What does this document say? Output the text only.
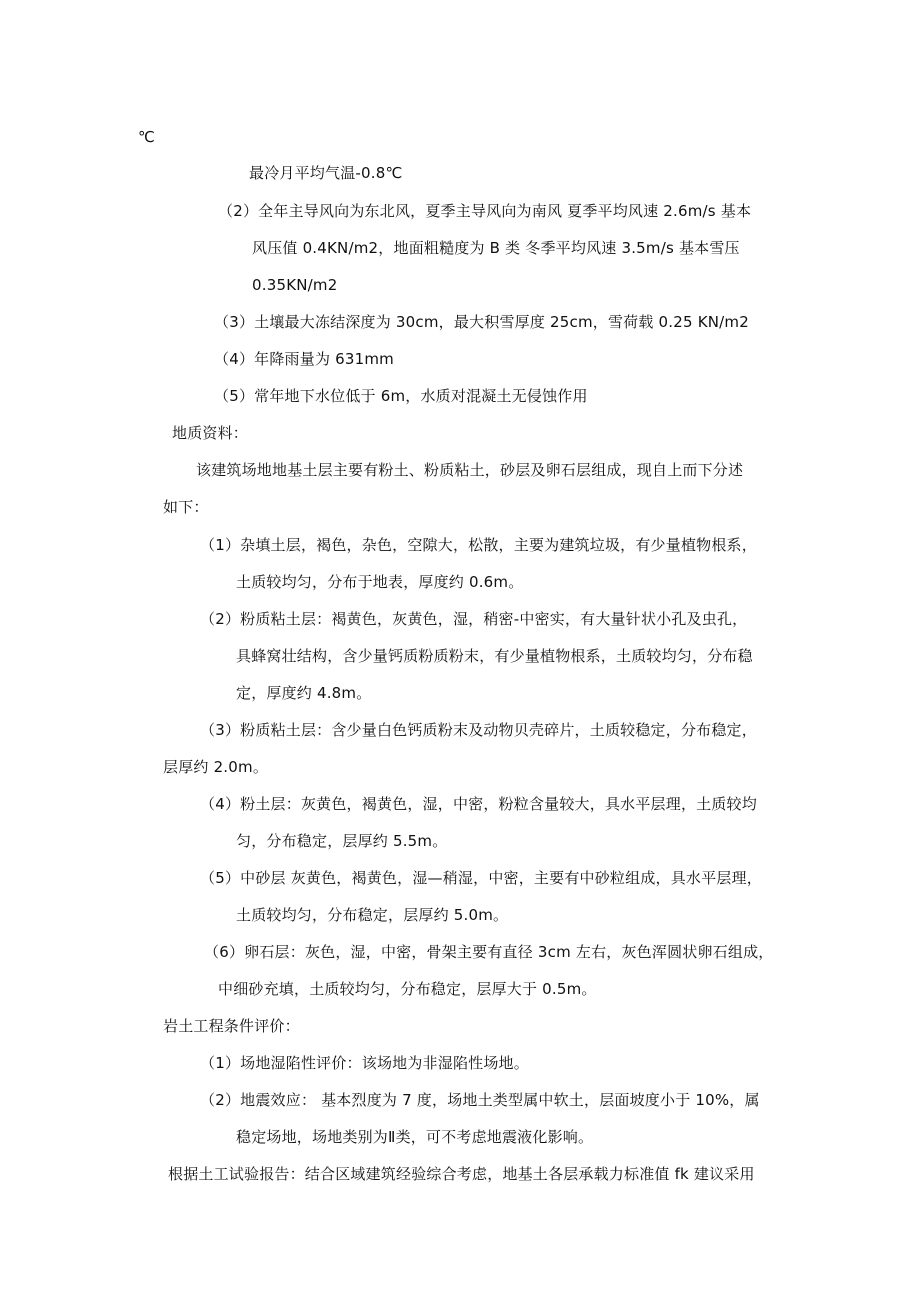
℃
最冷月平均气温-0.8℃
（2）全年主导风向为东北风，夏季主导风向为南风 夏季平均风速 2.6m/s 基本
风压值 0.4KN/m2，地面粗糙度为 B 类 冬季平均风速 3.5m/s 基本雪压
0.35KN/m2
（3）土壤最大冻结深度为 30cm，最大积雪厚度 25cm，雪荷载 0.25 KN/m2
（4）年降雨量为 631mm
（5）常年地下水位低于 6m，水质对混凝土无侵蚀作用
地质资料：
该建筑场地地基土层主要有粉土、粉质粘土，砂层及卵石层组成，现自上而下分述
如下：
（1）杂填土层，褐色，杂色，空隙大，松散，主要为建筑垃圾，有少量植物根系，
土质较均匀，分布于地表，厚度约 0.6m。
（2）粉质粘土层：褐黄色，灰黄色，湿，稍密-中密实，有大量针状小孔及虫孔，
具蜂窝壮结构，含少量钙质粉质粉末，有少量植物根系，土质较均匀，分布稳
定，厚度约 4.8m。
（3）粉质粘土层：含少量白色钙质粉末及动物贝壳碎片，土质较稳定，分布稳定，
层厚约 2.0m。
（4）粉土层：灰黄色，褐黄色，湿，中密，粉粒含量较大，具水平层理，土质较均
匀，分布稳定，层厚约 5.5m。
（5）中砂层 灰黄色，褐黄色，湿—稍湿，中密，主要有中砂粒组成，具水平层理，
土质较均匀，分布稳定，层厚约 5.0m。
（6）卵石层：灰色，湿，中密，骨架主要有直径 3cm 左右，灰色浑圆状卵石组成，
中细砂充填，土质较均匀，分布稳定，层厚大于 0.5m。
岩土工程条件评价：
（1）场地湿陷性评价：该场地为非湿陷性场地。
（2）地震效应： 基本烈度为 7 度，场地土类型属中软土，层面坡度小于 10%，属
稳定场地，场地类别为Ⅱ类，可不考虑地震液化影响。
根据土工试验报告：结合区域建筑经验综合考虑，地基土各层承载力标准值 fk 建议采用
